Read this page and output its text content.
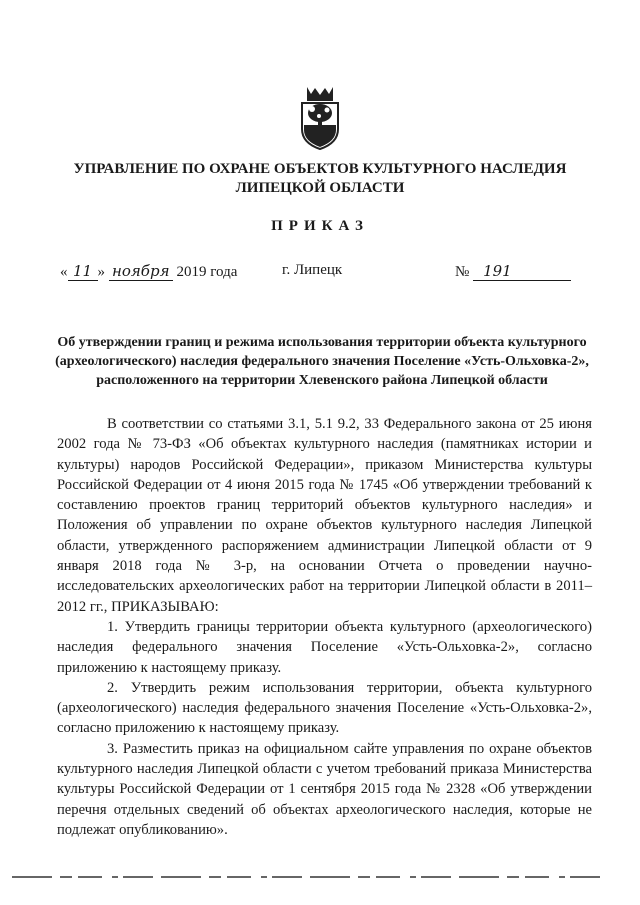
УПРАВЛЕНИЕ ПО ОХРАНЕ ОБЪЕКТОВ КУЛЬТУРНОГО НАСЛЕДИЯ
ЛИПЕЦКОЙ ОБЛАСТИ
ПРИКАЗ
« 11 » ноября 2019 года	г. Липецк	№ 191
Об утверждении границ и режима использования территории объекта культурного (археологического) наследия федерального значения Поселение «Усть-Ольховка-2», расположенного на территории Хлевенского района Липецкой области

В соответствии со статьями 3.1, 5.1 9.2, 33 Федерального закона от 25 июня 2002 года № 73-ФЗ «Об объектах культурного наследия (памятниках истории и культуры) народов Российской Федерации», приказом Министерства культуры Российской Федерации от 4 июня 2015 года № 1745 «Об утверждении требований к составлению проектов границ территорий объектов культурного наследия» и Положения об управлении по охране объектов культурного наследия Липецкой области, утвержденного распоряжением администрации Липецкой области от 9 января 2018 года № 3-р, на основании Отчета о проведении научно-исследовательских археологических работ на территории Липецкой области в 2011–2012 гг., ПРИКАЗЫВАЮ:

1. Утвердить границы территории объекта культурного (археологического) наследия федерального значения Поселение «Усть-Ольховка-2», согласно приложению к настоящему приказу.

2. Утвердить режим использования территории, объекта культурного (археологического) наследия федерального значения Поселение «Усть-Ольховка-2», согласно приложению к настоящему приказу.

3. Разместить приказ на официальном сайте управления по охране объектов культурного наследия Липецкой области с учетом требований приказа Министерства культуры Российской Федерации от 1 сентября 2015 года № 2328 «Об утверждении перечня отдельных сведений об объектах археологического наследия, которые не подлежат опубликованию».
